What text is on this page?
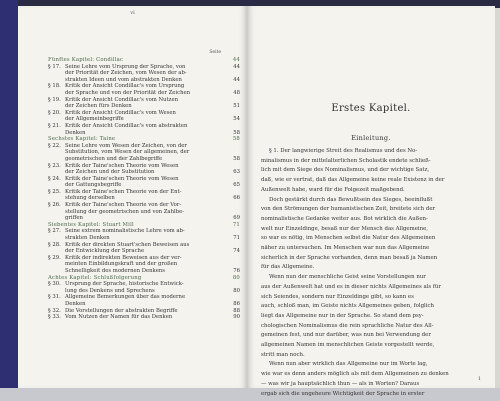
vi
Seite
Fünftes Kapitel: Condillac	44
§ 17. Seine Lehre vom Ursprung der Sprache, von	44
der Priorität der Zeichen, vom Wesen der ab-
strakten Ideen und vom abstrakten Denken	44
§ 18. Kritik der Ansicht Condillac's vom Ursprung
der Sprache und von der Priorität der Zeichen	48
§ 19. Kritik der Ansicht Condillac's vom Nutzen
der Zeichen fürs Denken	51
§ 20. Kritik der Ansicht Condillac's vom Wesen
der Allgemeinbegriffe	54
§ 21. Kritik der Ansicht Condillac's vom abstrakten
Denken	58
Sechstes Kapitel: Taine	58
§ 22. Seine Lehre vom Wesen der Zeichen, von der
Substitution, vom Wesen der allgemeinen, der
geometrischen und der Zahlbegriffe	58
§ 23. Kritik der Taine'schen Theorie vom Wesen
der Zeichen und der Substitution	63
§ 24. Kritik der Taine'schen Theorie vom Wesen
der Gattungsbegriffe	65
§ 25. Kritik der Taine'schen Theorie von der Ent-
stehung derselben	66
§ 26. Kritik der Taine'schen Theorie von der Vor-
stellung der geometrischen und von Zahlbe-
griffen	69
Siebentes Kapitel: Stuart Mill	71
§ 27. Seine extrem nominalistische Lehre vom ab-
strakten Denken	71
§ 28. Kritik der direkten Stuart'schen Beweisen aus
der Entwicklung der Sprache	74
§ 29. Kritik der indirekten Beweisen aus der ver-
meinten Einbildungskraft und der großen
Schnelligkeit des modernen Denkens	76
Achtes Kapitel: Schlußfolgerung	80
§ 30. Ursprung der Sprache, historische Entwick-
lung des Denkens und Sprechens	80
§ 31. Allgemeine Bemerkungen über das moderne
Denken	86
§ 32. Die Vorstellungen der abstrakten Begriffe	88
§ 33. Vom Nutzen der Namen für das Denken	90
Erstes Kapitel.
Einleitung.
§ 1. Der langwierige Streit des Realismus und des No-
minalismus in der mittelalterlichen Scholastik endete schließ-
lich mit dem Siege des Nominalismus, und der wichtige Satz,
daß, wie er vertrat, daß das Allgemeine keine reale Existenz in der
Außenwelt habe, ward für die Folgezeit maßgebend.
Doch gestärkt durch das Bewußtsein des Sieges, beeinflußt
von den Strömungen der humanistischen Zeit, breitete sich der
nominalistische Gedanke weiter aus. Bot wirklich die Außen-
welt nur Einzeldinge, besaß nur der Mensch das Allgemeine,
so war es nötig, im Menschen selbst die Natur des Allgemeinen
näher zu untersuchen. Im Menschen war nun das Allgemeine
sicherlich in der Sprache vorhanden, denn man besaß ja Namen
für das Allgemeine.
Wenn nun der menschliche Geist seine Vorstellungen nur
aus der Außenwelt hat und es in dieser nichts Allgemeines als für
sich Seiendes, sondern nur Einzeldinge gibt, so kann es
auch, schloß man, im Geiste nichts Allgemeines geben, folglich
liegt das Allgemeine nur in der Sprache. So stand dem psy-
chologischen Nominalismus die rein sprachliche Natur des All-
gemeinen fest, und nur darüber, was nun bei Verwendung der
allgemeinen Namen im menschlichen Geiste vorgestellt werde,
stritt man noch.
Wenn nun aber wirklich das Allgemeine nur im Worte lag,
wie war es denn anders möglich als mit dem Allgemeinen zu denken
— was wir ja hauptsächlich thun — als in Worten? Daraus
ergab sich die ungeheure Wichtigkeit der Sprache in erster
1
